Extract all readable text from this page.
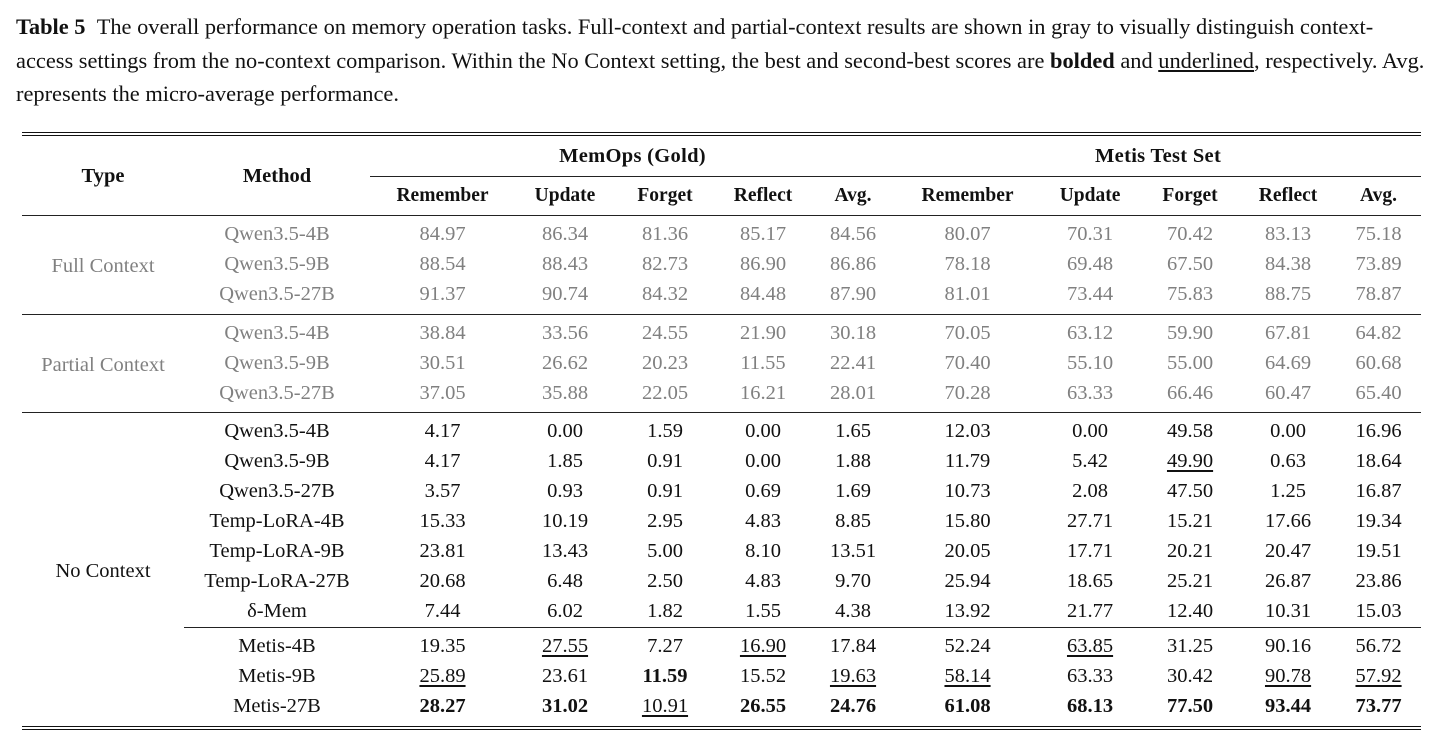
Table 5 The overall performance on memory operation tasks. Full-context and partial-context results are shown in gray to visually distinguish context-access settings from the no-context comparison. Within the No Context setting, the best and second-best scores are bolded and underlined, respectively. Avg. represents the micro-average performance.

Type	Method	MemOps (Gold)					Metis Test Set				
		Remember	Update	Forget	Reflect	Avg.	Remember	Update	Forget	Reflect	Avg.
Full Context	Qwen3.5-4B	84.97	86.34	81.36	85.17	84.56	80.07	70.31	70.42	83.13	75.18
	Qwen3.5-9B	88.54	88.43	82.73	86.90	86.86	78.18	69.48	67.50	84.38	73.89
	Qwen3.5-27B	91.37	90.74	84.32	84.48	87.90	81.01	73.44	75.83	88.75	78.87
Partial Context	Qwen3.5-4B	38.84	33.56	24.55	21.90	30.18	70.05	63.12	59.90	67.81	64.82
	Qwen3.5-9B	30.51	26.62	20.23	11.55	22.41	70.40	55.10	55.00	64.69	60.68
	Qwen3.5-27B	37.05	35.88	22.05	16.21	28.01	70.28	63.33	66.46	60.47	65.40
No Context	Qwen3.5-4B	4.17	0.00	1.59	0.00	1.65	12.03	0.00	49.58	0.00	16.96
	Qwen3.5-9B	4.17	1.85	0.91	0.00	1.88	11.79	5.42	49.90	0.63	18.64
	Qwen3.5-27B	3.57	0.93	0.91	0.69	1.69	10.73	2.08	47.50	1.25	16.87
	Temp-LoRA-4B	15.33	10.19	2.95	4.83	8.85	15.80	27.71	15.21	17.66	19.34
	Temp-LoRA-9B	23.81	13.43	5.00	8.10	13.51	20.05	17.71	20.21	20.47	19.51
	Temp-LoRA-27B	20.68	6.48	2.50	4.83	9.70	25.94	18.65	25.21	26.87	23.86
	δ-Mem	7.44	6.02	1.82	1.55	4.38	13.92	21.77	12.40	10.31	15.03
	Metis-4B	19.35	27.55	7.27	16.90	17.84	52.24	63.85	31.25	90.16	56.72
	Metis-9B	25.89	23.61	11.59	15.52	19.63	58.14	63.33	30.42	90.78	57.92
	Metis-27B	28.27	31.02	10.91	26.55	24.76	61.08	68.13	77.50	93.44	73.77
